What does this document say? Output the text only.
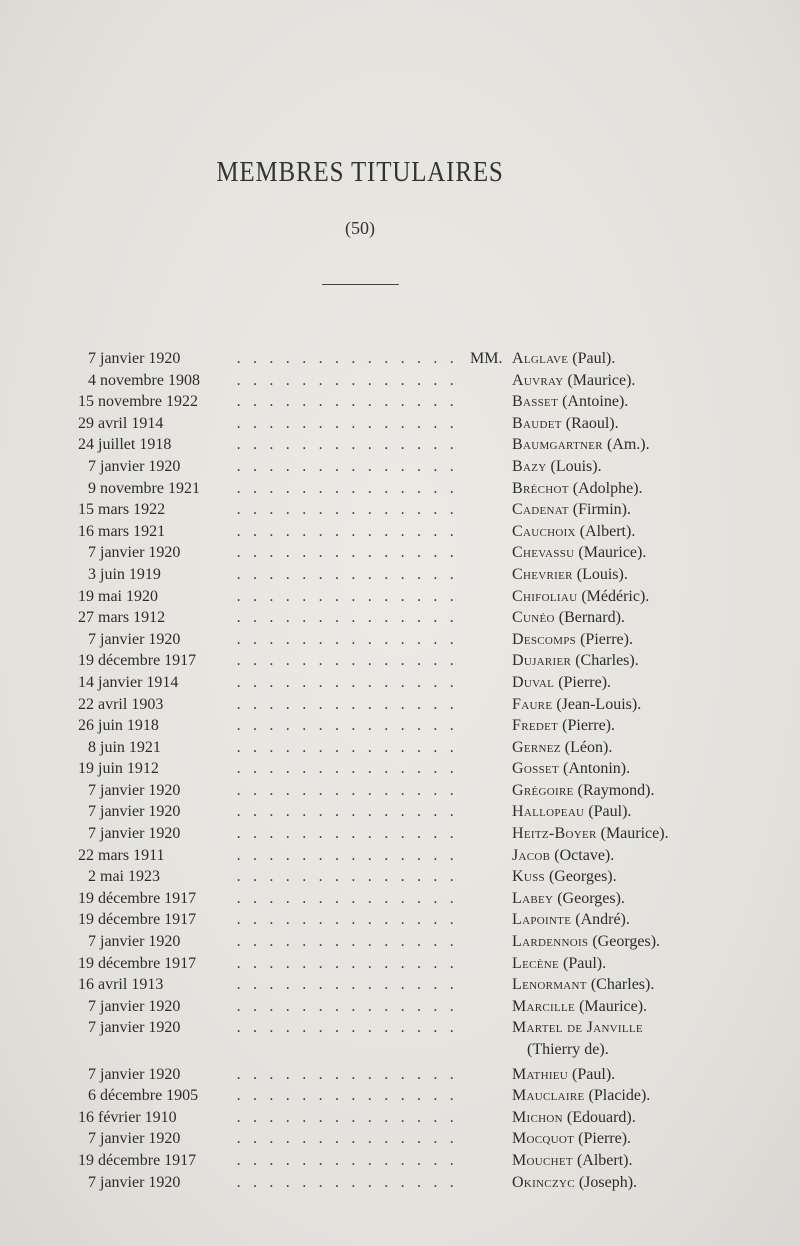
MEMBRES TITULAIRES
(50)
7 janvier 1920	. . . . . . . . . . . . . . MM. Alglave (Paul).
4 novembre 1908 . . . . . . . . . . . . . .	Auvray (Maurice).
15 novembre 1922 . . . . . . . . . . . . . .	Basset (Antoine).
29 avril 1914	. . . . . . . . . . . . . .	Baudet (Raoul).
24 juillet 1918	. . . . . . . . . . . . . .	Baumgartner (Am.).
7 janvier 1920	. . . . . . . . . . . . . .	Bazy (Louis).
9 novembre 1921 . . . . . . . . . . . . . .	Bréchot (Adolphe).
15 mars 1922	. . . . . . . . . . . . . .	Cadenat (Firmin).
16 mars 1921	. . . . . . . . . . . . . .	Cauchoix (Albert).
7 janvier 1920	. . . . . . . . . . . . . .	Chevassu (Maurice).
3 juin 1919	. . . . . . . . . . . . . .	Chevrier (Louis).
19 mai 1920	. . . . . . . . . . . . . .	Chifoliau (Médéric).
27 mars 1912	. . . . . . . . . . . . . .	Cunéo (Bernard).
7 janvier 1920	. . . . . . . . . . . . . .	Descomps (Pierre).
19 décembre 1917	. . . . . . . . . . . . . .	Dujarier (Charles).
14 janvier 1914	. . . . . . . . . . . . . .	Duval (Pierre).
22 avril 1903	. . . . . . . . . . . . . .	Faure (Jean-Louis).
26 juin 1918	. . . . . . . . . . . . . .	Fredet (Pierre).
8 juin 1921	. . . . . . . . . . . . . .	Gernez (Léon).
19 juin 1912	. . . . . . . . . . . . . .	Gosset (Antonin).
7 janvier 1920	. . . . . . . . . . . . . .	Grégoire (Raymond).
7 janvier 1920	. . . . . . . . . . . . . .	Hallopeau (Paul).
7 janvier 1920	. . . . . . . . . . . . . .	Heitz-Boyer (Maurice).
22 mars 1911	. . . . . . . . . . . . . .	Jacob (Octave).
2 mai 1923	. . . . . . . . . . . . . .	Kuss (Georges).
19 décembre 1917	. . . . . . . . . . . . . .	Labey (Georges).
19 décembre 1917	. . . . . . . . . . . . . .	Lapointe (André).
7 janvier 1920	. . . . . . . . . . . . . .	Lardennois (Georges).
19 décembre 1917	. . . . . . . . . . . . . .	Lecène (Paul).
16 avril 1913	. . . . . . . . . . . . . .	Lenormant (Charles).
7 janvier 1920	. . . . . . . . . . . . . .	Marcille (Maurice).
7 janvier 1920	. . . . . . . . . . . . . .	Martel de Janville
(Thierry de).
7 janvier 1920	. . . . . . . . . . . . . .	Mathieu (Paul).
6 décembre 1905 . . . . . . . . . . . . . .	Mauclaire (Placide).
16 février 1910	. . . . . . . . . . . . . .	Michon (Edouard).
7 janvier 1920	. . . . . . . . . . . . . .	Mocquot (Pierre).
19 décembre 1917	. . . . . . . . . . . . . .	Mouchet (Albert).
7 janvier 1920	. . . . . . . . . . . . . .	Okinczyc (Joseph).
